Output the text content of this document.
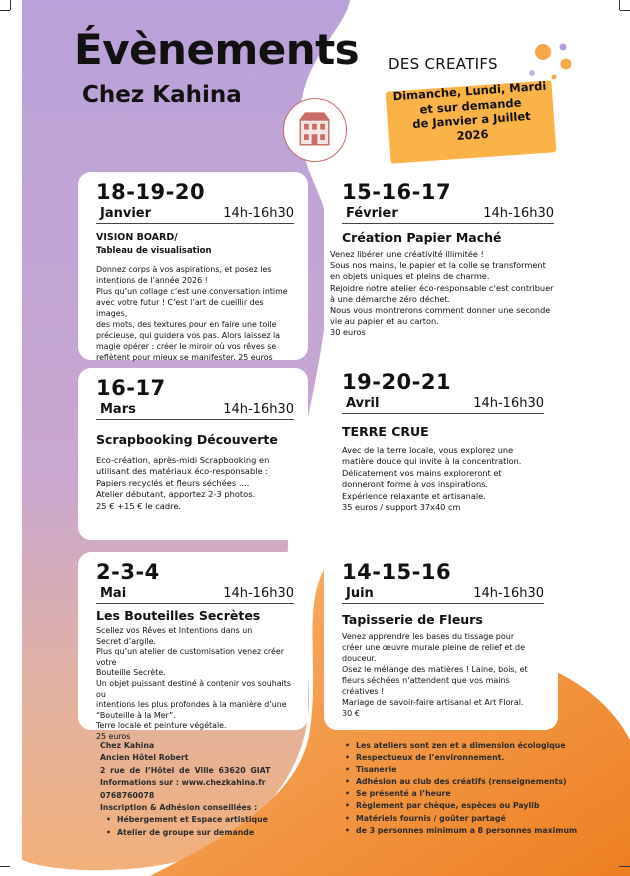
Évènements
Chez Kahina
DES CREATIFS
Dimanche, Lundi, Mardi
et sur demande
de Janvier a Juillet
2026
18-19-20
Janvier	14h-16h30
VISION BOARD/
Tableau de visualisation
Donnez corps à vos aspirations, et posez les
intentions de l’année 2026 !
Plus qu’un collage c’est une conversation intime
avec votre futur ! C’est l’art de cueillir des images,
des mots, des textures pour en faire une toile
précieuse, qui guidera vos pas. Alors laissez la
magie opérer : créer le miroir où vos rêves se
reflètent pour mieux se manifester. 25 euros
15-16-17
Février	14h-16h30
Création Papier Maché
Venez libérer une créativité illimitée !
Sous nos mains, le papier et la colle se transforment
en objets uniques et pleins de charme.
Rejoidre notre atelier éco-responsable c’est contribuer
à une démarche zéro déchet.
Nous vous montrerons comment donner une seconde
vie au papier et au carton.
30 euros
16-17
Mars	14h-16h30
Scrapbooking Découverte
Eco-création, après-midi Scrapbooking en
utilisant des matériaux éco-responsable :
Papiers recyclés et fleurs séchées ....
Atelier débutant, apportez 2-3 photos.
25 € +15 € le cadre.
19-20-21
Avril	14h-16h30
TERRE CRUE
Avec de la terre locale, vous explorez une
matière douce qui invite à la concentration.
Délicatement vos mains exploreront et
donneront forme à vos inspirations.
Expérience relaxante et artisanale.
35 euros / support 37x40 cm
2-3-4
Mai	14h-16h30
Les Bouteilles Secrètes
Scellez vos Rêves et Intentions dans un
Secret d’argile.
Plus qu’un atelier de customisation venez créer votre
Bouteille Secrète.
Un objet puissant destiné à contenir vos souhaits ou
intentions les plus profondes à la manière d’une
“Bouteille à la Mer”.
Terre locale et peinture végétale.
25 euros
14-15-16
Juin	14h-16h30
Tapisserie de Fleurs
Venez apprendre les bases du tissage pour
créer une œuvre murale pleine de relief et de
douceur.
Osez le mélange des matières ! Laine, bois, et
fleurs séchées n’attendent que vos mains
créatives !
Mariage de savoir-faire artisanal et Art Floral.
30 €
Chez Kahina
Ancien Hôtel Robert
2 rue de l’Hôtel de Ville 63620 GIAT
Informations sur : www.chezkahina.fr
0768760078
Inscription & Adhésion conseillées :
• Hébergement et Espace artistique
• Atelier de groupe sur demande
• Les ateliers sont zen et a dimension écologique
• Respectueux de l’environnement.
• Tisanerie
• Adhésion au club des créatifs (renseignements)
• Se présenté a l’heure
• Règlement par chèque, espèces ou Paylib
• Matériels fournis / goûter partagé
• de 3 personnes minimum a 8 personnes maximum
